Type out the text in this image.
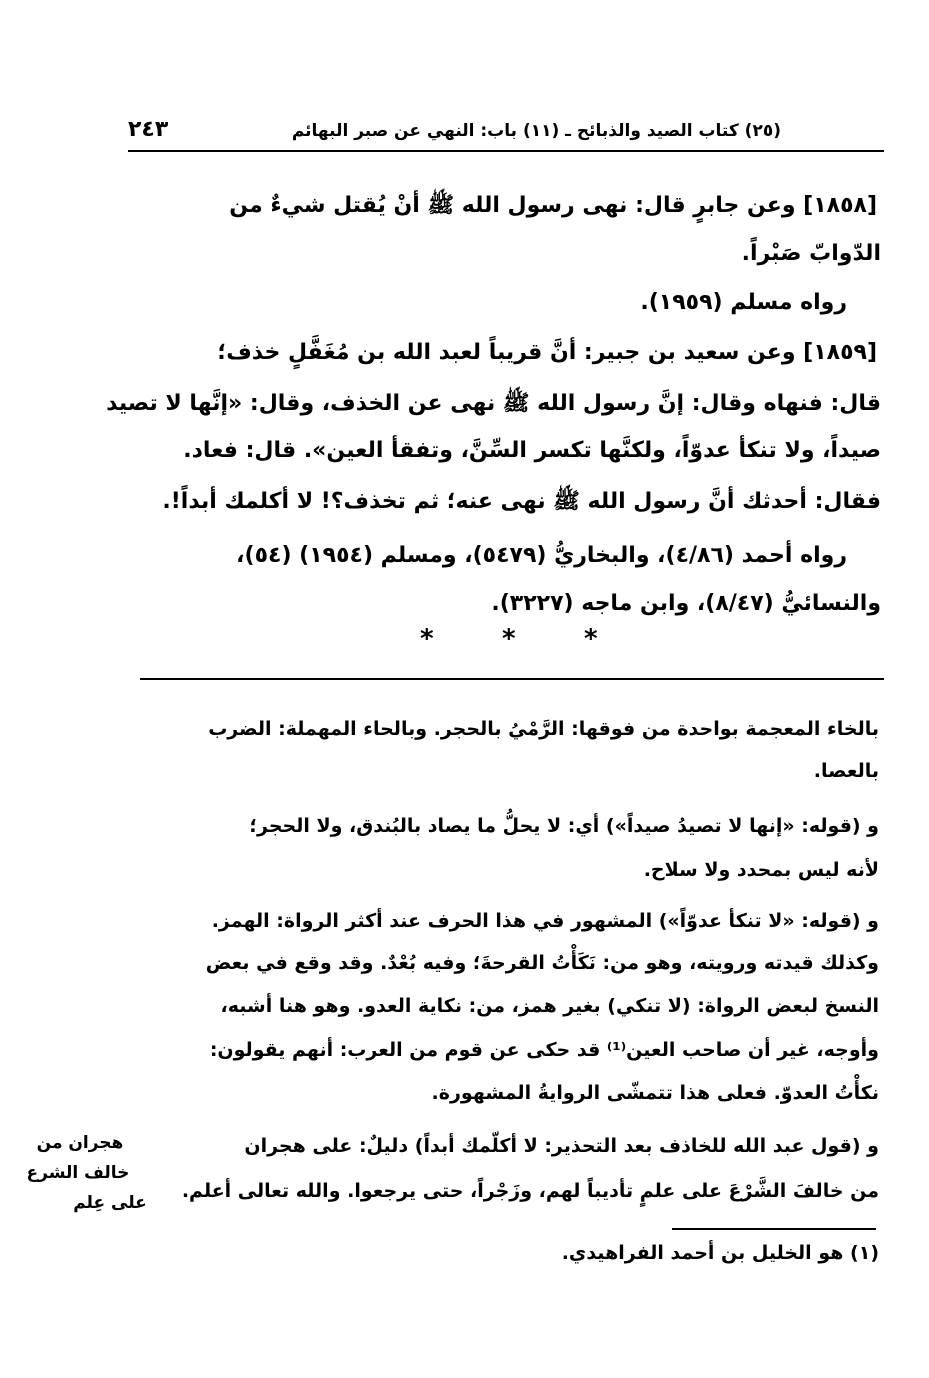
٢٤٣	(٢٥) كتاب الصيد والذبائح ـ (١١) باب: النهي عن صبر البهائم
[١٨٥٨] وعن جابرٍ قال: نهى رسول الله ﷺ أنْ يُقتل شيءٌ من
الدّوابّ صَبْراً.
رواه مسلم (١٩٥٩).
[١٨٥٩] وعن سعيد بن جبير: أنَّ قريباً لعبد الله بن مُغَفَّلٍ خذف؛
قال: فنهاه وقال: إنَّ رسول الله ﷺ نهى عن الخذف، وقال: «إنَّها لا تصيد
صيداً، ولا تنكأ عدوّاً، ولكنَّها تكسر السِّنَّ، وتفقأ العين». قال: فعاد.
فقال: أحدثك أنَّ رسول الله ﷺ نهى عنه؛ ثم تخذف؟! لا أكلمك أبداً!.
رواه أحمد (٤/٨٦)، والبخاريُّ (٥٤٧٩)، ومسلم (١٩٥٤) (٥٤)،
والنسائيُّ (٨/٤٧)، وابن ماجه (٣٢٢٧).
*	*	*
بالخاء المعجمة بواحدة من فوقها: الرَّمْيُ بالحجر. وبالحاء المهملة: الضرب
بالعصا.
و (قوله: «إنها لا تصيدُ صيداً») أي: لا يحلُّ ما يصاد بالبُندق، ولا الحجر؛
لأنه ليس بمحدد ولا سلاح.
و (قوله: «لا تنكأ عدوّاً») المشهور في هذا الحرف عند أكثر الرواة: الهمز.
وكذلك قيدته ورويته، وهو من: نَكَأْتُ القرحةَ؛ وفيه بُعْدٌ. وقد وقع في بعض
النسخ لبعض الرواة: (لا تنكي) بغير همز، من: نكاية العدو. وهو هنا أشبه،
وأوجه، غير أن صاحب العين⁽¹⁾ قد حكى عن قوم من العرب: أنهم يقولون:
نكأْتُ العدوّ. فعلى هذا تتمشّى الروايةُ المشهورة.
و (قول عبد الله للخاذف بعد التحذير: لا أكلّمك أبداً) دليلٌ: على هجران
من خالفَ الشَّرْعَ على علمٍ تأديباً لهم، وزَجْراً، حتى يرجعوا. والله تعالى أعلم.
هجران من
خالف الشرع
على عِلم
(١) هو الخليل بن أحمد الفراهيدي.
